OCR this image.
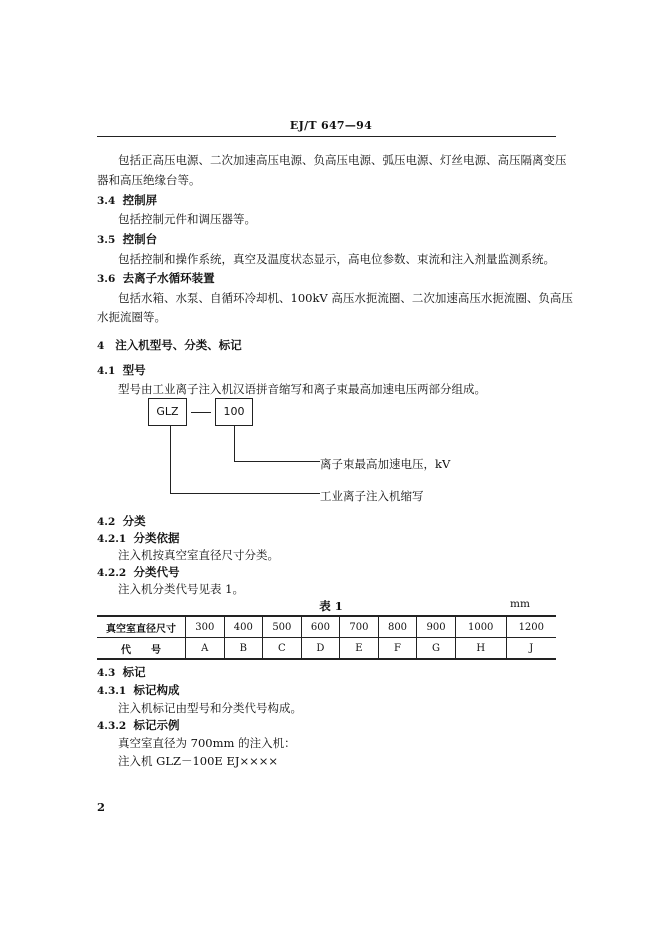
EJ/T 647—94
包括正高压电源、二次加速高压电源、负高压电源、弧压电源、灯丝电源、高压隔离变压
器和高压绝缘台等。
3.4 控制屏
包括控制元件和调压器等。
3.5 控制台
包括控制和操作系统，真空及温度状态显示，高电位参数、束流和注入剂量监测系统。
3.6 去离子水循环装置
包括水箱、水泵、自循环冷却机、100kV 高压水扼流圈、二次加速高压水扼流圈、负高压
水扼流圈等。
4 注入机型号、分类、标记
4.1 型号
型号由工业离子注入机汉语拼音缩写和离子束最高加速电压两部分组成。
GLZ	100
离子束最高加速电压，kV
工业离子注入机缩写
4.2 分类
4.2.1 分类依据
注入机按真空室直径尺寸分类。
4.2.2 分类代号
注入机分类代号见表 1。
表 1	mm
真空室直径尺寸	300	400	500	600	700	800	900	1000	1200
代　　号	A	B	C	D	E	F	G	H	J
4.3 标记
4.3.1 标记构成
注入机标记由型号和分类代号构成。
4.3.2 标记示例
真空室直径为 700mm 的注入机：
注入机 GLZ－100E EJ××××
2
